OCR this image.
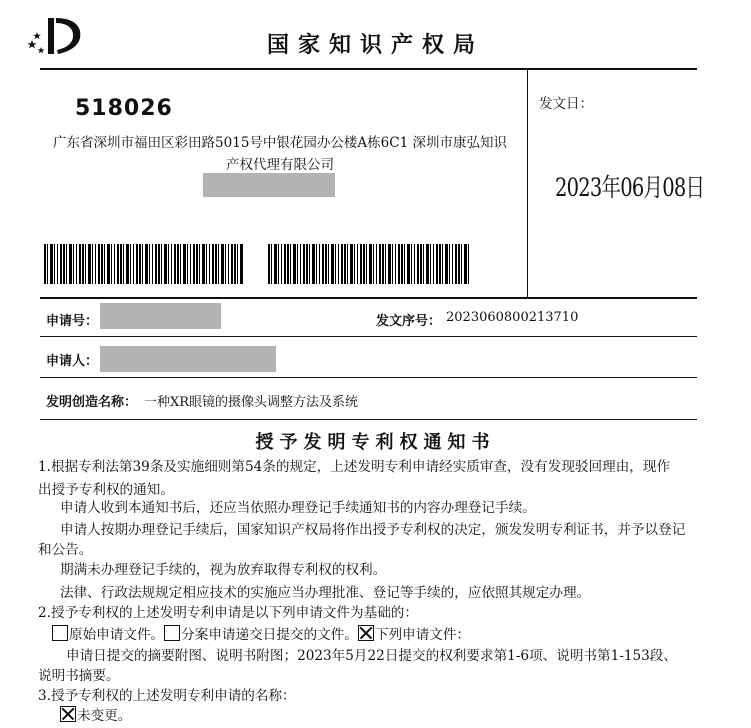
国家知识产权局
518026
广东省深圳市福田区彩田路5015号中银花园办公楼A栋6C1 深圳市康弘知识产权代理有限公司
发文日：
2023年06月08日
申请号：	发文序号： 2023060800213710
申请人：
发明创造名称： 一种XR眼镜的摄像头调整方法及系统
授予发明专利权通知书
1.根据专利法第39条及实施细则第54条的规定，上述发明专利申请经实质审查，没有发现驳回理由，现作
出授予专利权的通知。
申请人收到本通知书后，还应当依照办理登记手续通知书的内容办理登记手续。
申请人按期办理登记手续后，国家知识产权局将作出授予专利权的决定，颁发发明专利证书，并予以登记
和公告。
期满未办理登记手续的，视为放弃取得专利权的权利。
法律、行政法规规定相应技术的实施应当办理批准、登记等手续的，应依照其规定办理。
2.授予专利权的上述发明专利申请是以下列申请文件为基础的：
原始申请文件。 分案申请递交日提交的文件。 下列申请文件：
申请日提交的摘要附图、说明书附图；2023年5月22日提交的权利要求第1-6项、说明书第1-153段、
说明书摘要。
3.授予专利权的上述发明专利申请的名称：
未变更。
